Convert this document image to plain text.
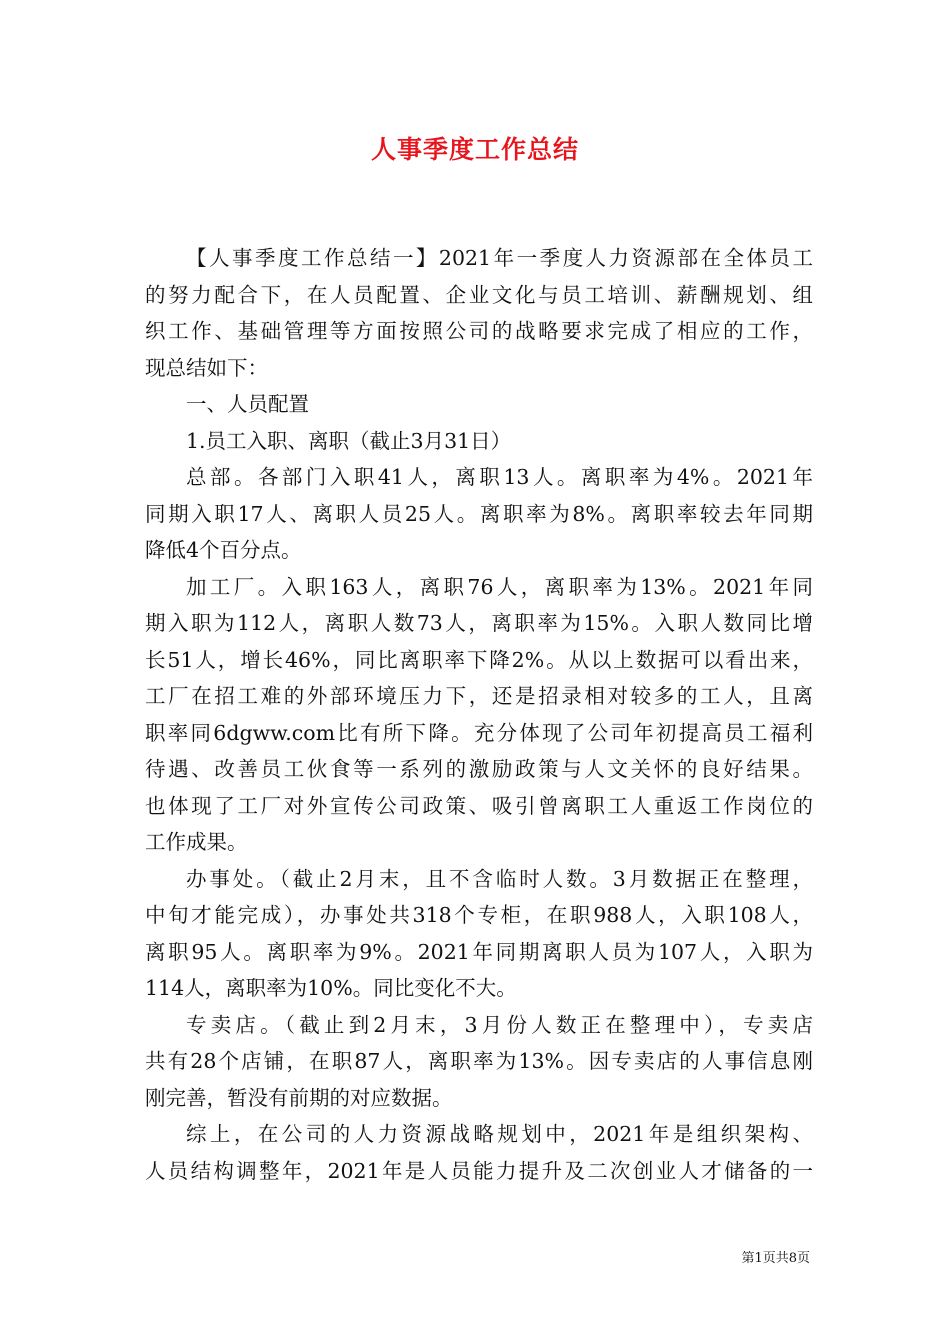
人事季度工作总结
【人事季度工作总结一】2021年一季度人力资源部在全体员工
的努力配合下，在人员配置、企业文化与员工培训、薪酬规划、组
织工作、基础管理等方面按照公司的战略要求完成了相应的工作，
现总结如下：
一、人员配置
1.员工入职、离职（截止3月31日）
总部。各部门入职41人，离职13人。离职率为4%。2021年
同期入职17人、离职人员25人。离职率为8%。离职率较去年同期
降低4个百分点。
加工厂。入职163人，离职76人，离职率为13%。2021年同
期入职为112人，离职人数73人，离职率为15%。入职人数同比增
长51人，增长46%，同比离职率下降2%。从以上数据可以看出来，
工厂在招工难的外部环境压力下，还是招录相对较多的工人，且离
职率同6dgww.com比有所下降。充分体现了公司年初提高员工福利
待遇、改善员工伙食等一系列的激励政策与人文关怀的良好结果。
也体现了工厂对外宣传公司政策、吸引曾离职工人重返工作岗位的
工作成果。
办事处。（截止2月末，且不含临时人数。3月数据正在整理，
中旬才能完成），办事处共318个专柜，在职988人，入职108人，
离职95人。离职率为9%。2021年同期离职人员为107人，入职为
114人，离职率为10%。同比变化不大。
专卖店。（截止到2月末，3月份人数正在整理中），专卖店
共有28个店铺，在职87人，离职率为13%。因专卖店的人事信息刚
刚完善，暂没有前期的对应数据。
综上，在公司的人力资源战略规划中，2021年是组织架构、
人员结构调整年，2021年是人员能力提升及二次创业人才储备的一
第1页共8页
